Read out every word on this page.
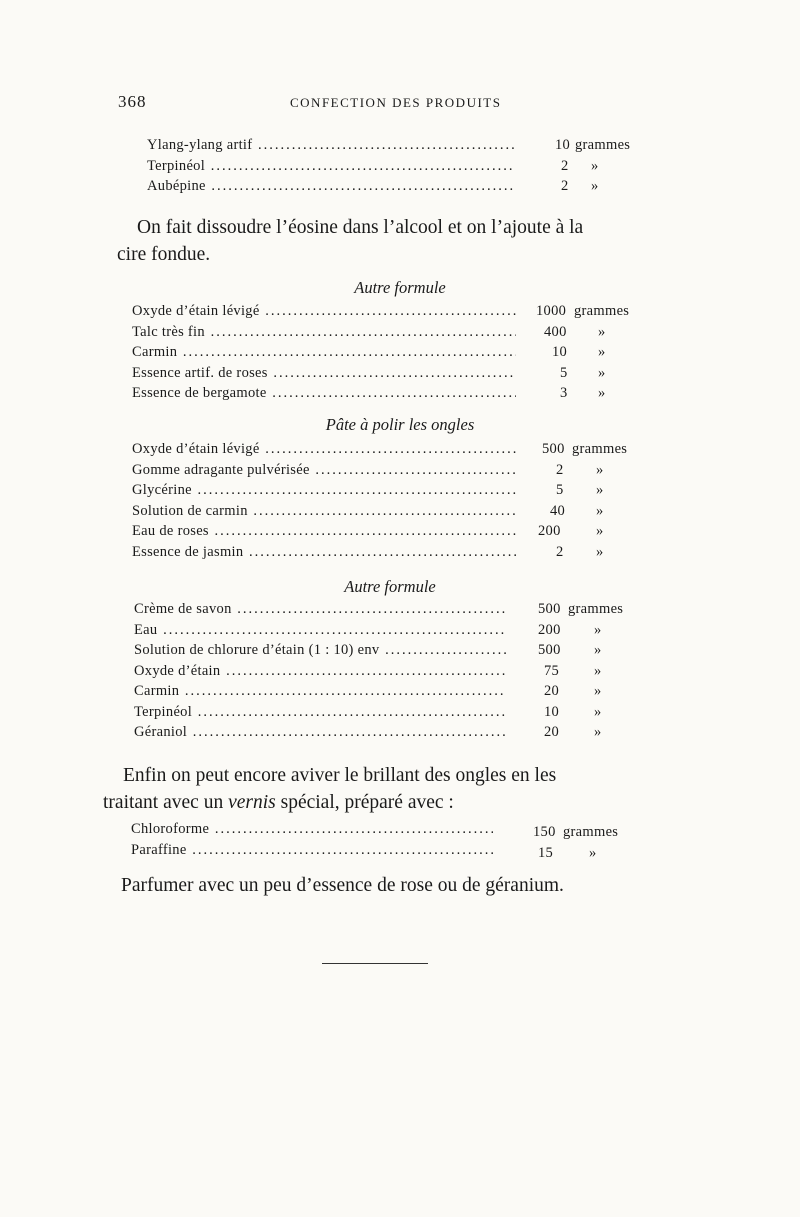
368	CONFECTION DES PRODUITS
Ylang-ylang artif .....	10 grammes
Terpinéol .....	2 »
Aubépine .....	2 »
On fait dissoudre l’éosine dans l’alcool et on l’ajoute à la
cire fondue.
Autre formule
Oxyde d’étain lévigé .....	1000 grammes
Talc très fin .....	400 »
Carmin .....	10 »
Essence artif. de roses .....	5 »
Essence de bergamote .....	3 »
Pâte à polir les ongles
Oxyde d’étain lévigé .....	500 grammes
Gomme adragante pulvérisée .....	2 »
Glycérine .....	5 »
Solution de carmin .....	40 »
Eau de roses .....	200 »
Essence de jasmin .....	2 »
Autre formule
Crème de savon .....	500 grammes
Eau .....	200 »
Solution de chlorure d’étain (1 : 10) env .....	500 »
Oxyde d’étain .....	75 »
Carmin .....	20 »
Terpinéol .....	10 »
Géraniol .....	20 »
Enfin on peut encore aviver le brillant des ongles en les
traitant avec un vernis spécial, préparé avec :
Chloroforme .....	150 grammes
Paraffine .....	15 »
Parfumer avec un peu d’essence de rose ou de géranium.
